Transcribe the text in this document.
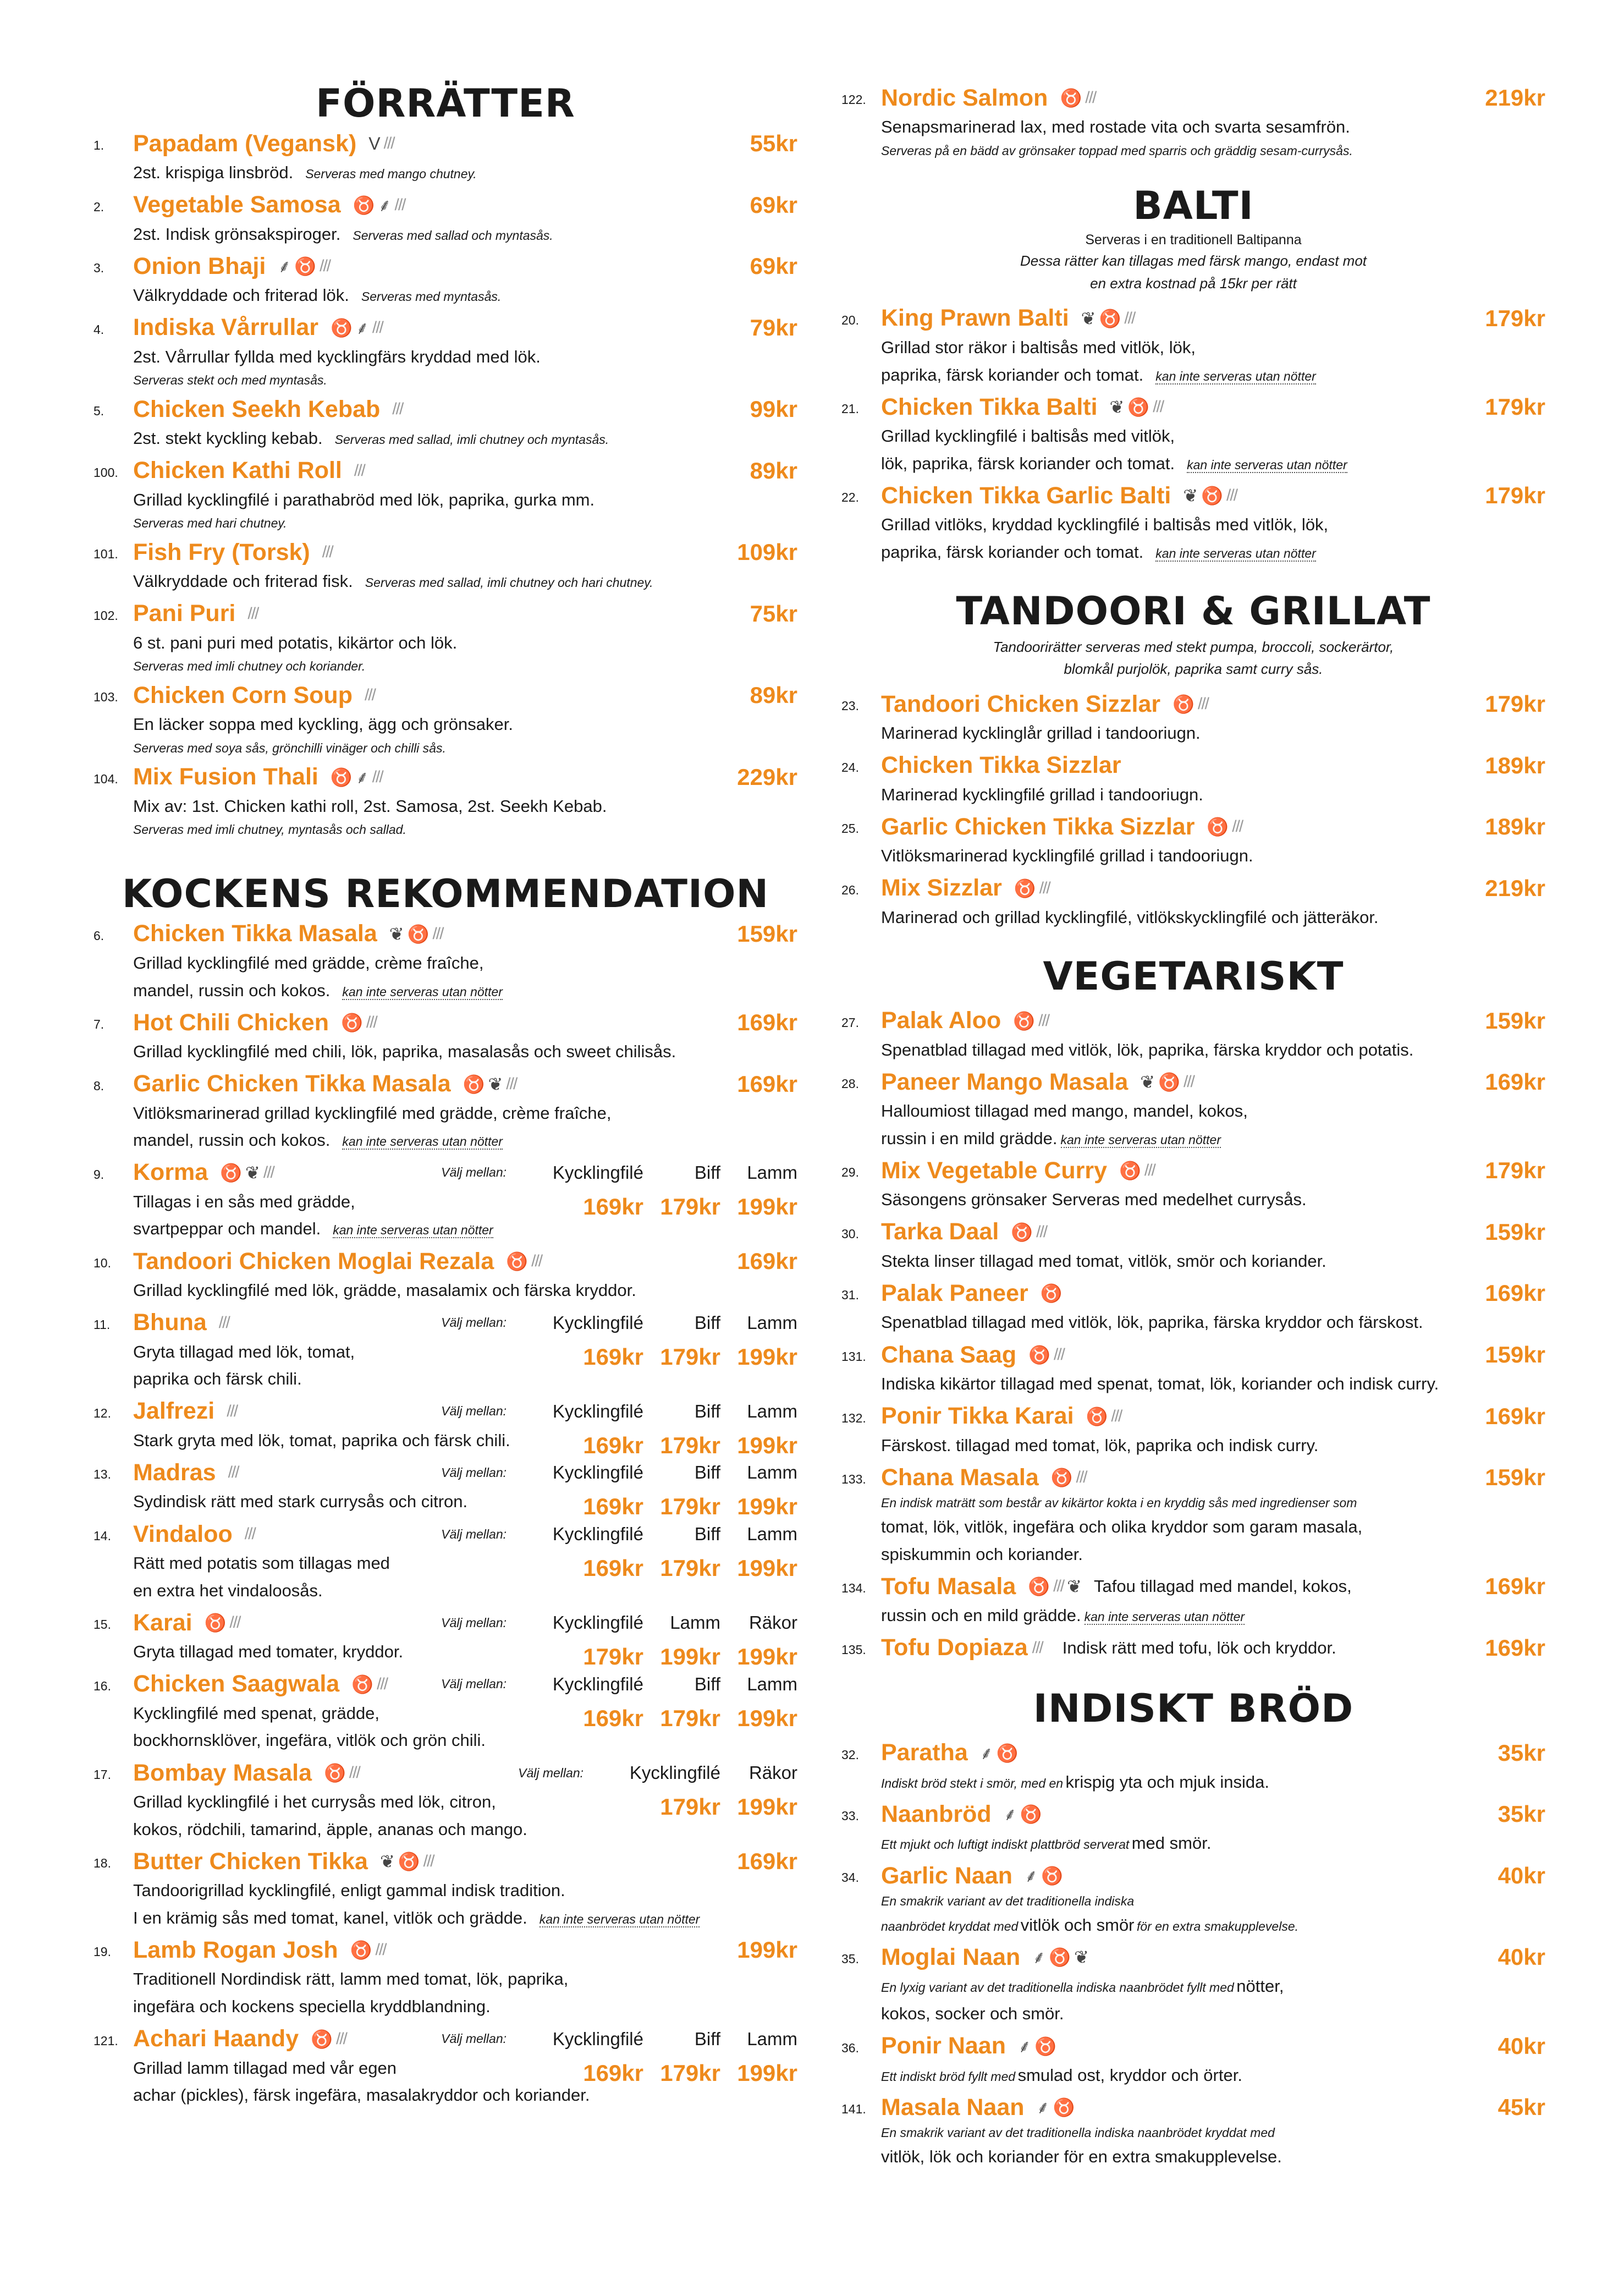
FÖRRÄTTER
1. Papadam (Vegansk) V ///	55kr
2st. krispiga linsbröd. Serveras med mango chutney.
2. Vegetable Samosa ♉ ⸙ ///	69kr
2st. Indisk grönsakspiroger. Serveras med sallad och myntasås.
3. Onion Bhaji ⸙ ♉ ///	69kr
Välkryddade och friterad lök. Serveras med myntasås.
4. Indiska Vårrullar ♉ ⸙ ///	79kr
2st. Vårrullar fyllda med kycklingfärs kryddad med lök.
Serveras stekt och med myntasås.
5. Chicken Seekh Kebab ///	99kr
2st. stekt kyckling kebab. Serveras med sallad, imli chutney och myntasås.
100. Chicken Kathi Roll ///	89kr
Grillad kycklingfilé i parathabröd med lök, paprika, gurka mm.
Serveras med hari chutney.
101. Fish Fry (Torsk) ///	109kr
Välkryddade och friterad fisk. Serveras med sallad, imli chutney och hari chutney.
102. Pani Puri ///	75kr
6 st. pani puri med potatis, kikärtor och lök.
Serveras med imli chutney och koriander.
103. Chicken Corn Soup ///	89kr
En läcker soppa med kyckling, ägg och grönsaker.
Serveras med soya sås, grönchilli vinäger och chilli sås.
104. Mix Fusion Thali ♉ ⸙ ///	229kr
Mix av: 1st. Chicken kathi roll, 2st. Samosa, 2st. Seekh Kebab.
Serveras med imli chutney, myntasås och sallad.
KOCKENS REKOMMENDATION
6. Chicken Tikka Masala ❦ ♉ ///	159kr
Grillad kycklingfilé med grädde, crème fraîche,
mandel, russin och kokos. kan inte serveras utan nötter
7. Hot Chili Chicken ♉ ///	169kr
Grillad kycklingfilé med chili, lök, paprika, masalasås och sweet chilisås.
8. Garlic Chicken Tikka Masala ♉ ❦ ///	169kr
Vitlöksmarinerad grillad kycklingfilé med grädde, crème fraîche,
mandel, russin och kokos. kan inte serveras utan nötter
9. Korma ♉ ❦ ///	Välj mellan:	Kycklingfilé	Biff	Lamm
169kr 179kr 199kr
Tillagas i en sås med grädde,
svartpeppar och mandel. kan inte serveras utan nötter
10. Tandoori Chicken Moglai Rezala ♉ ///	169kr
Grillad kycklingfilé med lök, grädde, masalamix och färska kryddor.
11. Bhuna ///	Välj mellan:	Kycklingfilé	Biff	Lamm
169kr 179kr 199kr
Gryta tillagad med lök, tomat,
paprika och färsk chili.
12. Jalfrezi ///	Välj mellan:	Kycklingfilé	Biff	Lamm
169kr 179kr 199kr
Stark gryta med lök, tomat, paprika och färsk chili.
13. Madras ///	Välj mellan:	Kycklingfilé	Biff	Lamm
169kr 179kr 199kr
Sydindisk rätt med stark currysås och citron.
14. Vindaloo ///	Välj mellan:	Kycklingfilé	Biff	Lamm
169kr 179kr 199kr
Rätt med potatis som tillagas med
en extra het vindaloosås.
15. Karai ♉ ///	Välj mellan:	Kycklingfilé	Lamm	Räkor
179kr 199kr 199kr
Gryta tillagad med tomater, kryddor.
16. Chicken Saagwala ♉ ///	Välj mellan:	Kycklingfilé	Biff	Lamm
169kr 179kr 199kr
Kycklingfilé med spenat, grädde,
bockhornsklöver, ingefära, vitlök och grön chili.
17. Bombay Masala ♉ ///	Välj mellan:	Kycklingfilé	Räkor
179kr 199kr
Grillad kycklingfilé i het currysås med lök, citron,
kokos, rödchili, tamarind, äpple, ananas och mango.
18. Butter Chicken Tikka ❦ ♉ ///	169kr
Tandoorigrillad kycklingfilé, enligt gammal indisk tradition.
I en krämig sås med tomat, kanel, vitlök och grädde. kan inte serveras utan nötter
19. Lamb Rogan Josh ♉ ///	199kr
Traditionell Nordindisk rätt, lamm med tomat, lök, paprika,
ingefära och kockens speciella kryddblandning.
121. Achari Haandy ♉ ///	Välj mellan:	Kycklingfilé	Biff	Lamm
169kr 179kr 199kr
Grillad lamm tillagad med vår egen
achar (pickles), färsk ingefära, masalakryddor och koriander.
122. Nordic Salmon ♉ ///	219kr
Senapsmarinerad lax, med rostade vita och svarta sesamfrön.
Serveras på en bädd av grönsaker toppad med sparris och gräddig sesam-currysås.
BALTI
Serveras i en traditionell Baltipanna
Dessa rätter kan tillagas med färsk mango, endast mot
en extra kostnad på 15kr per rätt
20. King Prawn Balti ❦ ♉ ///	179kr
Grillad stor räkor i baltisås med vitlök, lök,
paprika, färsk koriander och tomat. kan inte serveras utan nötter
21. Chicken Tikka Balti ❦ ♉ ///	179kr
Grillad kycklingfilé i baltisås med vitlök,
lök, paprika, färsk koriander och tomat. kan inte serveras utan nötter
22. Chicken Tikka Garlic Balti ❦ ♉ ///	179kr
Grillad vitlöks, kryddad kycklingfilé i baltisås med vitlök, lök,
paprika, färsk koriander och tomat. kan inte serveras utan nötter
TANDOORI & GRILLAT
Tandoorirätter serveras med stekt pumpa, broccoli, sockerärtor,
blomkål purjolök, paprika samt curry sås.
23. Tandoori Chicken Sizzlar ♉ ///	179kr
Marinerad kycklinglår grillad i tandooriugn.
24. Chicken Tikka Sizzlar	189kr
Marinerad kycklingfilé grillad i tandooriugn.
25. Garlic Chicken Tikka Sizzlar ♉ ///	189kr
Vitlöksmarinerad kycklingfilé grillad i tandooriugn.
26. Mix Sizzlar ♉ ///	219kr
Marinerad och grillad kycklingfilé, vitlökskycklingfilé och jätteräkor.
VEGETARISKT
27. Palak Aloo ♉ ///	159kr
Spenatblad tillagad med vitlök, lök, paprika, färska kryddor och potatis.
28. Paneer Mango Masala ❦ ♉ ///	169kr
Halloumiost tillagad med mango, mandel, kokos,
russin i en mild grädde. kan inte serveras utan nötter
29. Mix Vegetable Curry ♉ ///	179kr
Säsongens grönsaker Serveras med medelhet currysås.
30. Tarka Daal ♉ ///	159kr
Stekta linser tillagad med tomat, vitlök, smör och koriander.
31. Palak Paneer ♉	169kr
Spenatblad tillagad med vitlök, lök, paprika, färska kryddor och färskost.
131. Chana Saag ♉ ///	159kr
Indiska kikärtor tillagad med spenat, tomat, lök, koriander och indisk curry.
132. Ponir Tikka Karai ♉ ///	169kr
Färskost. tillagad med tomat, lök, paprika och indisk curry.
133. Chana Masala ♉ ///	159kr
En indisk maträtt som består av kikärtor kokta i en kryddig sås med ingredienser som
tomat, lök, vitlök, ingefära och olika kryddor som garam masala,
spiskummin och koriander.
134. Tofu Masala ♉ /// ❦ Tafou tillagad med mandel, kokos,	169kr
russin och en mild grädde. kan inte serveras utan nötter
135. Tofu Dopiaza /// Indisk rätt med tofu, lök och kryddor.	169kr
INDISKT BRÖD
32. Paratha ⸙ ♉	35kr
Indiskt bröd stekt i smör, med en krispig yta och mjuk insida.
33. Naanbröd ⸙ ♉	35kr
Ett mjukt och luftigt indiskt plattbröd serverat med smör.
34. Garlic Naan ⸙ ♉	40kr
En smakrik variant av det traditionella indiska
naanbrödet kryddat med vitlök och smör för en extra smakupplevelse.
35. Moglai Naan ⸙ ♉ ❦	40kr
En lyxig variant av det traditionella indiska naanbrödet fyllt med nötter,
kokos, socker och smör.
36. Ponir Naan ⸙ ♉	40kr
Ett indiskt bröd fyllt med smulad ost, kryddor och örter.
141. Masala Naan ⸙ ♉	45kr
En smakrik variant av det traditionella indiska naanbrödet kryddat med
vitlök, lök och koriander för en extra smakupplevelse.
